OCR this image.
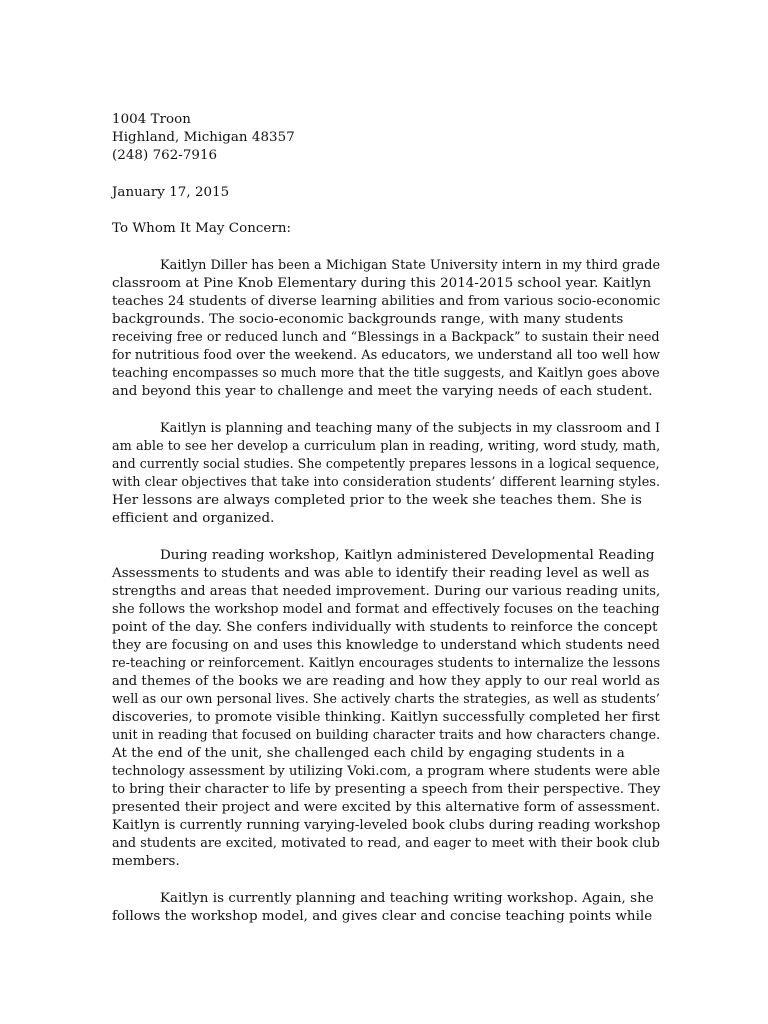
1004 Troon
Highland, Michigan 48357
(248) 762-7916
January 17, 2015
To Whom It May Concern:
Kaitlyn Diller has been a Michigan State University intern in my third grade
classroom at Pine Knob Elementary during this 2014-2015 school year. Kaitlyn
teaches 24 students of diverse learning abilities and from various socio-economic
backgrounds. The socio-economic backgrounds range, with many students
receiving free or reduced lunch and “Blessings in a Backpack” to sustain their need
for nutritious food over the weekend. As educators, we understand all too well how
teaching encompasses so much more that the title suggests, and Kaitlyn goes above
and beyond this year to challenge and meet the varying needs of each student.
Kaitlyn is planning and teaching many of the subjects in my classroom and I
am able to see her develop a curriculum plan in reading, writing, word study, math,
and currently social studies. She competently prepares lessons in a logical sequence,
with clear objectives that take into consideration students’ different learning styles.
Her lessons are always completed prior to the week she teaches them. She is
efficient and organized.
During reading workshop, Kaitlyn administered Developmental Reading
Assessments to students and was able to identify their reading level as well as
strengths and areas that needed improvement. During our various reading units,
she follows the workshop model and format and effectively focuses on the teaching
point of the day. She confers individually with students to reinforce the concept
they are focusing on and uses this knowledge to understand which students need
re-teaching or reinforcement. Kaitlyn encourages students to internalize the lessons
and themes of the books we are reading and how they apply to our real world as
well as our own personal lives. She actively charts the strategies, as well as students’
discoveries, to promote visible thinking. Kaitlyn successfully completed her first
unit in reading that focused on building character traits and how characters change.
At the end of the unit, she challenged each child by engaging students in a
technology assessment by utilizing Voki.com, a program where students were able
to bring their character to life by presenting a speech from their perspective. They
presented their project and were excited by this alternative form of assessment.
Kaitlyn is currently running varying-leveled book clubs during reading workshop
and students are excited, motivated to read, and eager to meet with their book club
members.
Kaitlyn is currently planning and teaching writing workshop. Again, she
follows the workshop model, and gives clear and concise teaching points while
